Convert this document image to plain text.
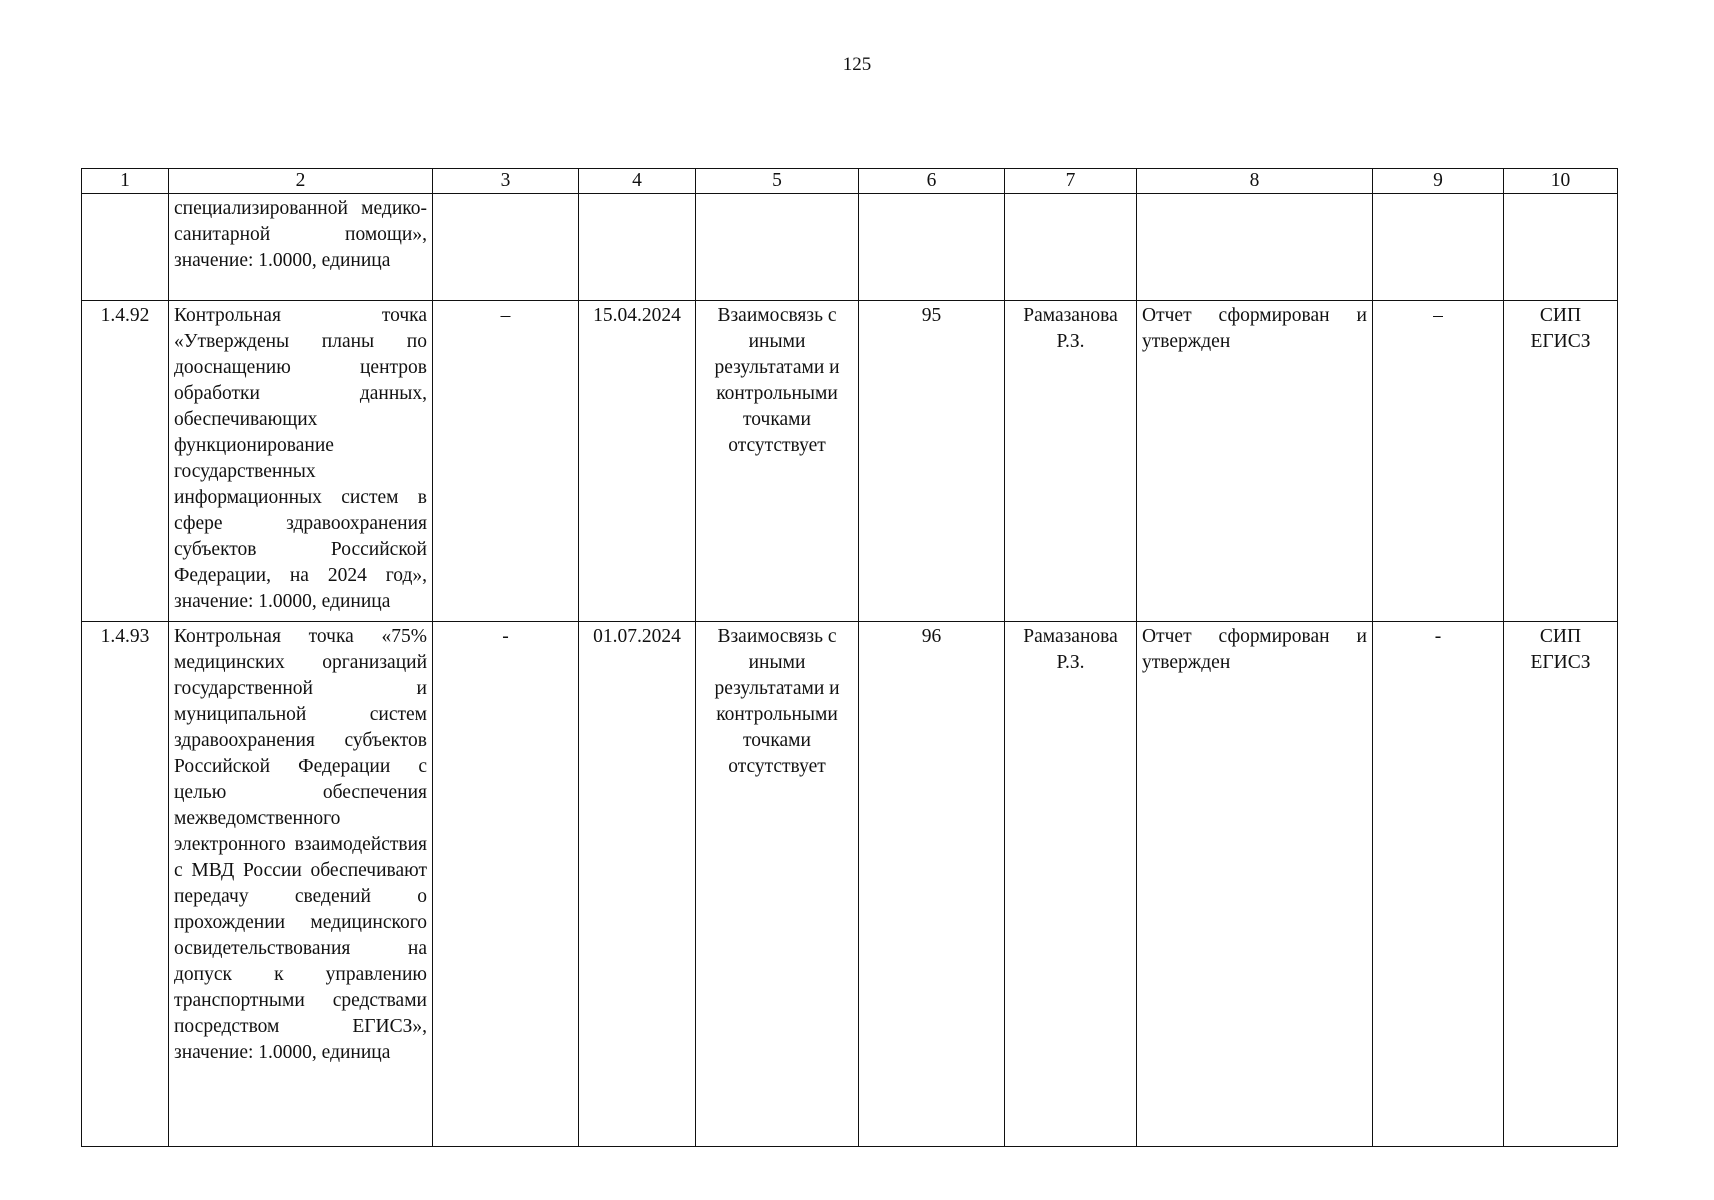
125
1	2	3	4	5	6	7	8	9	10
	специализированной медико-санитарной помощи», значение: 1.0000, единица								
1.4.92	Контрольная точка «Утверждены планы по дооснащению центров обработки данных, обеспечивающих функционирование государственных информационных систем в сфере здравоохранения субъектов Российской Федерации, на 2024 год», значение: 1.0000, единица	–	15.04.2024	Взаимосвязь с иными результатами и контрольными точками отсутствует	95	Рамазанова Р.З.	Отчет сформирован и утвержден	–	СИП ЕГИСЗ
1.4.93	Контрольная точка «75% медицинских организаций государственной и муниципальной систем здравоохранения субъектов Российской Федерации с целью обеспечения межведомственного электронного взаимодействия с МВД России обеспечивают передачу сведений о прохождении медицинского освидетельствования на допуск к управлению транспортными средствами посредством ЕГИСЗ», значение: 1.0000, единица	-	01.07.2024	Взаимосвязь с иными результатами и контрольными точками отсутствует	96	Рамазанова Р.З.	Отчет сформирован и утвержден	-	СИП ЕГИСЗ
